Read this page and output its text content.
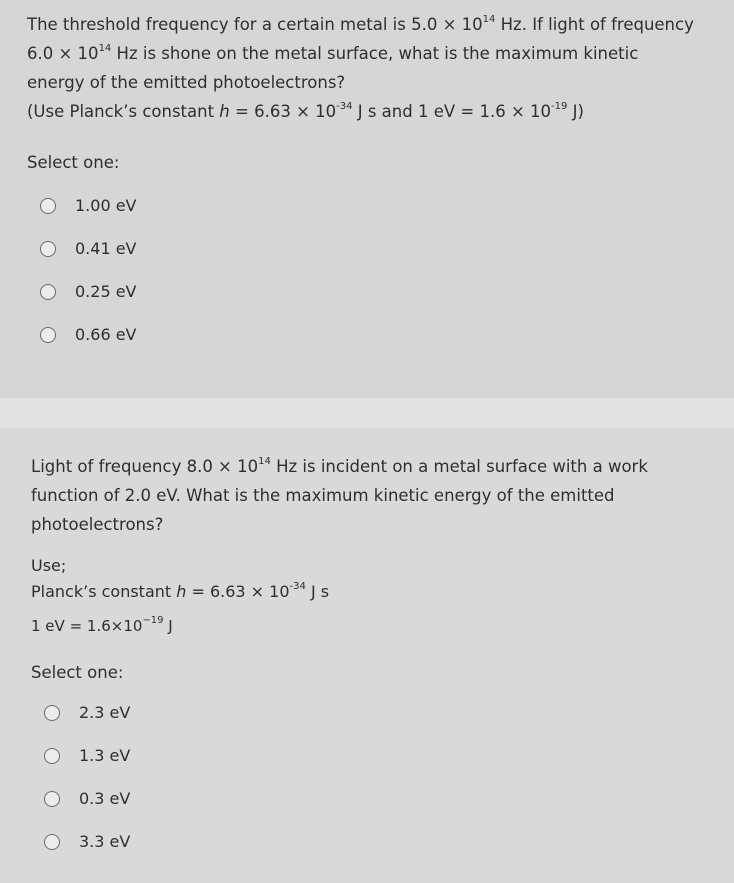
The threshold frequency for a certain metal is $5.0 \times 10^{14}$ Hz. If light of frequency
$6.0 \times 10^{14}$ Hz is shone on the metal surface, what is the maximum kinetic
energy of the emitted photoelectrons?
(Use Planck’s constant $h = 6.63 \times 10^{-34}$ J s and 1 eV = $1.6 \times 10^{-19}$ J)

Select one:

1.00 eV
0.41 eV
0.25 eV
0.66 eV

Light of frequency $8.0 \times 10^{14}$ Hz is incident on a metal surface with a work
function of 2.0 eV. What is the maximum kinetic energy of the emitted
photoelectrons?

Use;

Planck’s constant $h = 6.63 \times 10^{-34}$ J s

1 eV = $1.6\times 10^{-19}$ J

Select one:

2.3 eV
1.3 eV
0.3 eV
3.3 eV
